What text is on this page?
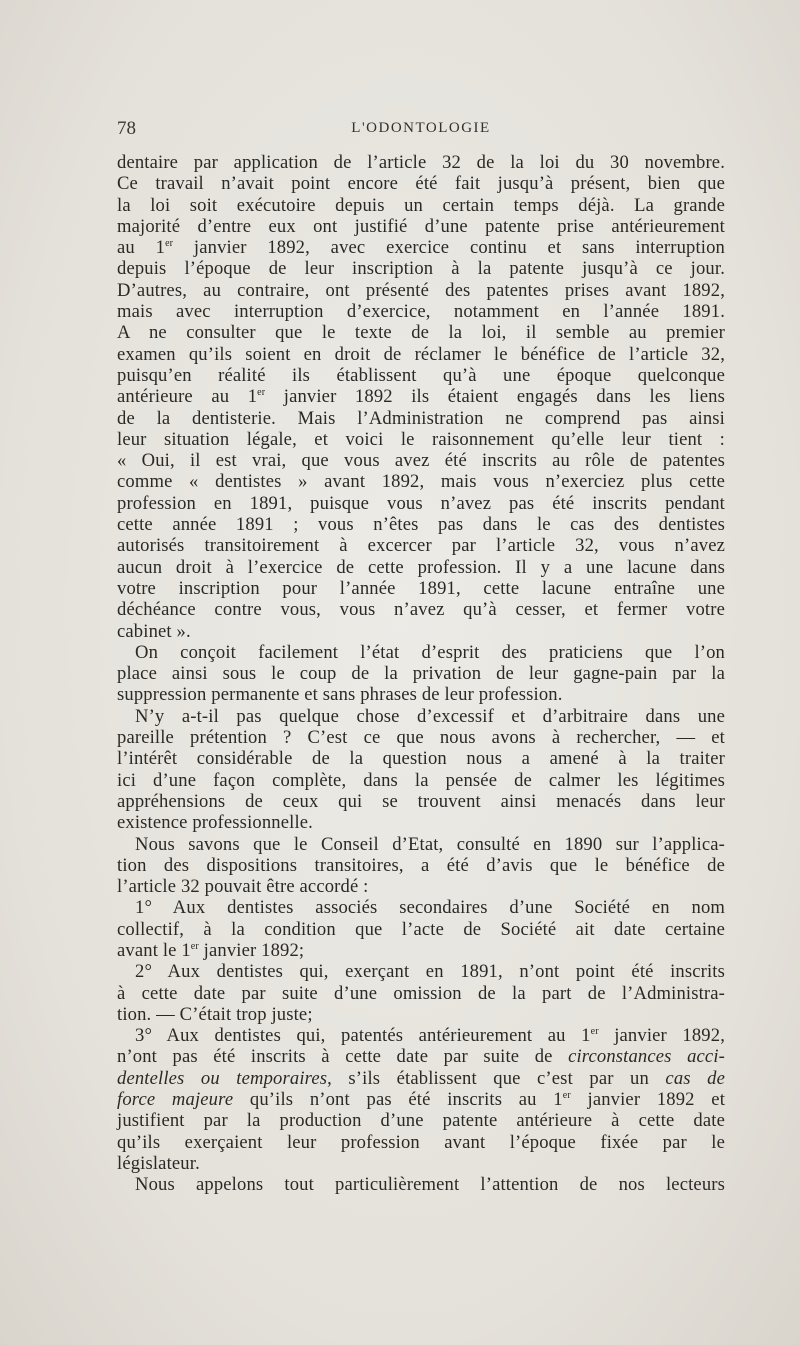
78	L'ODONTOLOGIE
dentaire par application de l’article 32 de la loi du 30 novembre.
Ce travail n’avait point encore été fait jusqu’à présent, bien que
la loi soit exécutoire depuis un certain temps déjà. La grande
majorité d’entre eux ont justifié d’une patente prise antérieurement
au 1er janvier 1892, avec exercice continu et sans interruption
depuis l’époque de leur inscription à la patente jusqu’à ce jour.
D’autres, au contraire, ont présenté des patentes prises avant 1892,
mais avec interruption d’exercice, notamment en l’année 1891.
A ne consulter que le texte de la loi, il semble au premier
examen qu’ils soient en droit de réclamer le bénéfice de l’article 32,
puisqu’en réalité ils établissent qu’à une époque quelconque
antérieure au 1er janvier 1892 ils étaient engagés dans les liens
de la dentisterie. Mais l’Administration ne comprend pas ainsi
leur situation légale, et voici le raisonnement qu’elle leur tient :
« Oui, il est vrai, que vous avez été inscrits au rôle de patentes
comme « dentistes » avant 1892, mais vous n’exerciez plus cette
profession en 1891, puisque vous n’avez pas été inscrits pendant
cette année 1891 ; vous n’êtes pas dans le cas des dentistes
autorisés transitoirement à excercer par l’article 32, vous n’avez
aucun droit à l’exercice de cette profession. Il y a une lacune dans
votre inscription pour l’année 1891, cette lacune entraîne une
déchéance contre vous, vous n’avez qu’à cesser, et fermer votre
cabinet ».
On conçoit facilement l’état d’esprit des praticiens que l’on
place ainsi sous le coup de la privation de leur gagne-pain par la
suppression permanente et sans phrases de leur profession.
N’y a-t-il pas quelque chose d’excessif et d’arbitraire dans une
pareille prétention ? C’est ce que nous avons à rechercher, — et
l’intérêt considérable de la question nous a amené à la traiter
ici d’une façon complète, dans la pensée de calmer les légitimes
appréhensions de ceux qui se trouvent ainsi menacés dans leur
existence professionnelle.
Nous savons que le Conseil d’Etat, consulté en 1890 sur l’applica-
tion des dispositions transitoires, a été d’avis que le bénéfice de
l’article 32 pouvait être accordé :
1° Aux dentistes associés secondaires d’une Société en nom
collectif, à la condition que l’acte de Société ait date certaine
avant le 1er janvier 1892;
2° Aux dentistes qui, exerçant en 1891, n’ont point été inscrits
à cette date par suite d’une omission de la part de l’Administra-
tion. — C’était trop juste;
3° Aux dentistes qui, patentés antérieurement au 1er janvier 1892,
n’ont pas été inscrits à cette date par suite de circonstances acci-
dentelles ou temporaires, s’ils établissent que c’est par un cas de
force majeure qu’ils n’ont pas été inscrits au 1er janvier 1892 et
justifient par la production d’une patente antérieure à cette date
qu’ils exerçaient leur profession avant l’époque fixée par le
législateur.
Nous appelons tout particulièrement l’attention de nos lecteurs
